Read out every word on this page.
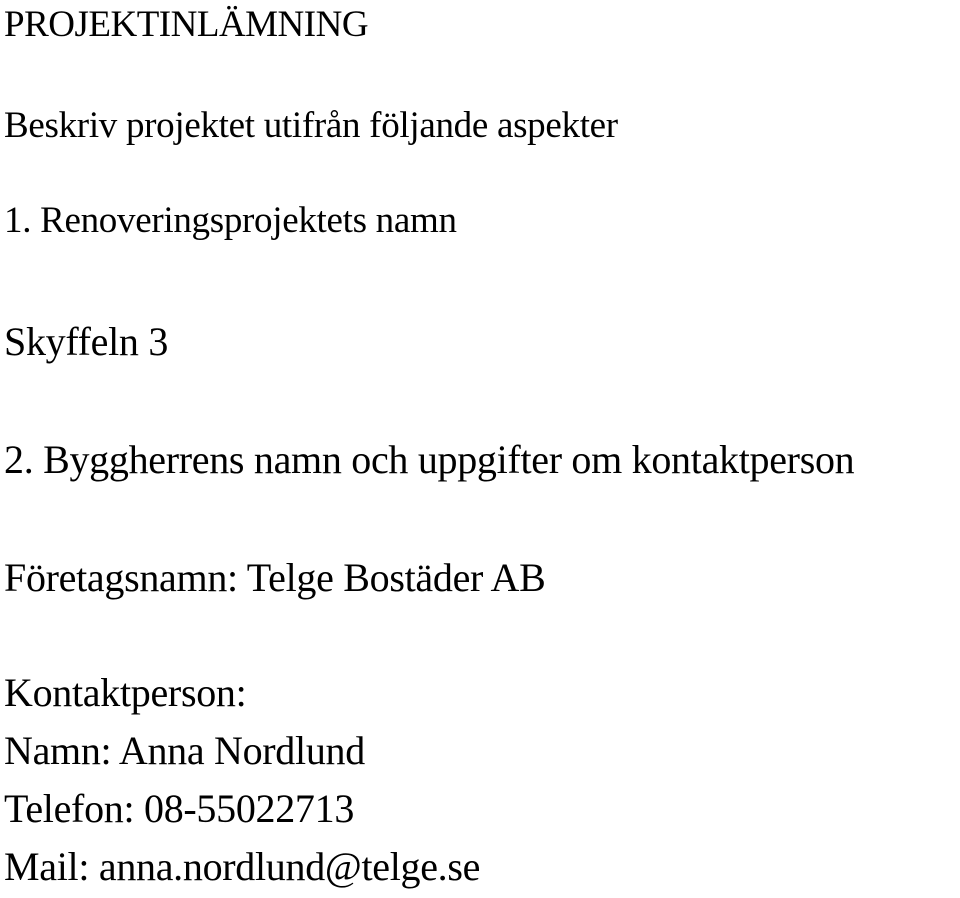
PROJEKTINLÄMNING

Beskriv projektet utifrån följande aspekter

1. Renoveringsprojektets namn

Skyffeln 3

2. Byggherrens namn och uppgifter om kontaktperson

Företagsnamn: Telge Bostäder AB

Kontaktperson:

Namn: Anna Nordlund

Telefon: 08-55022713

Mail: anna.nordlund@telge.se
